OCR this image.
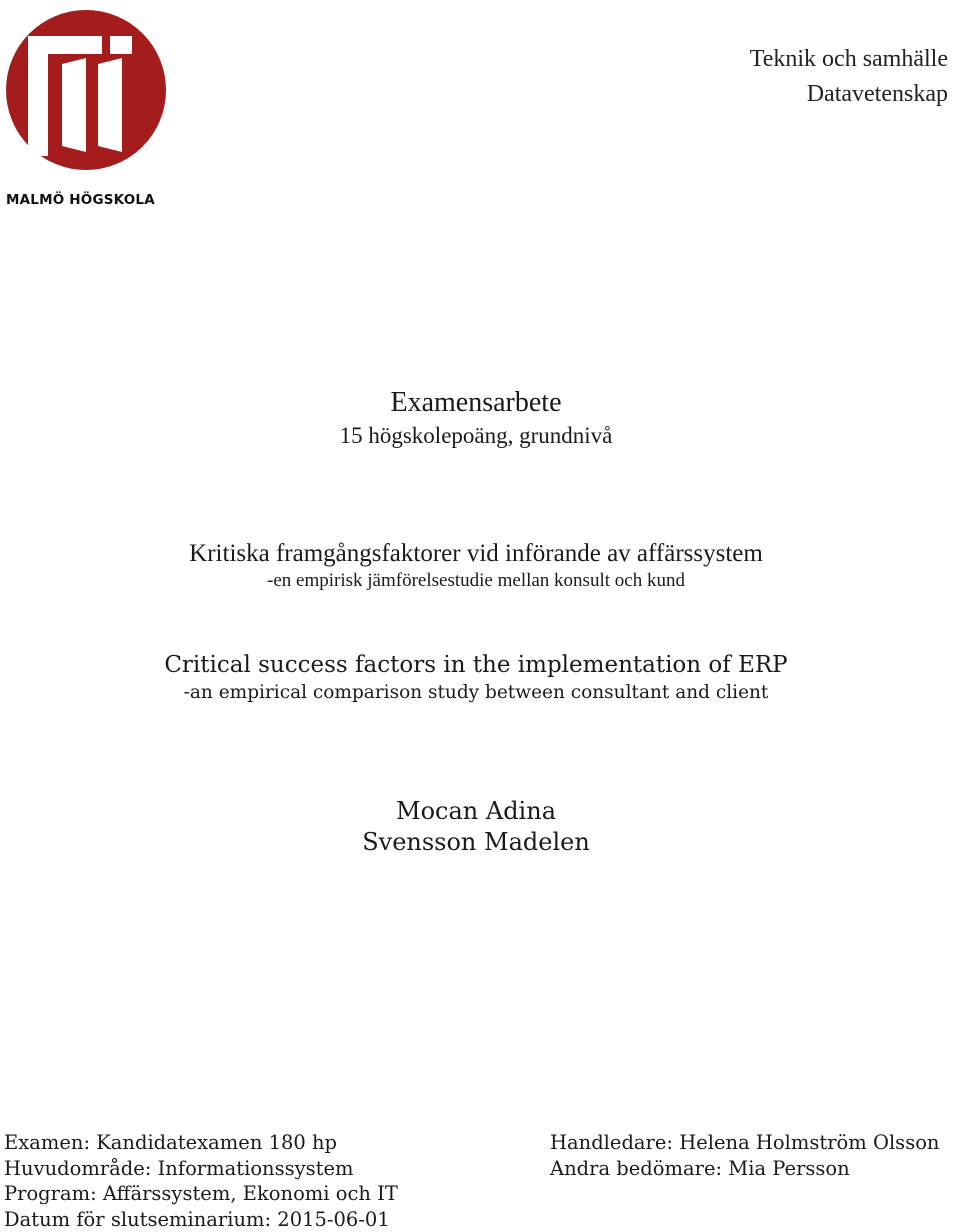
MALMÖ HÖGSKOLA
Teknik och samhälle
Datavetenskap
Examensarbete
15 högskolepoäng, grundnivå
Kritiska framgångsfaktorer vid införande av affärssystem
-en empirisk jämförelsestudie mellan konsult och kund
Critical success factors in the implementation of ERP
-an empirical comparison study between consultant and client
Mocan Adina
Svensson Madelen
Examen: Kandidatexamen 180 hp
Huvudområde: Informationssystem
Program: Affärssystem, Ekonomi och IT
Datum för slutseminarium: 2015-06-01
Handledare: Helena Holmström Olsson
Andra bedömare: Mia Persson
